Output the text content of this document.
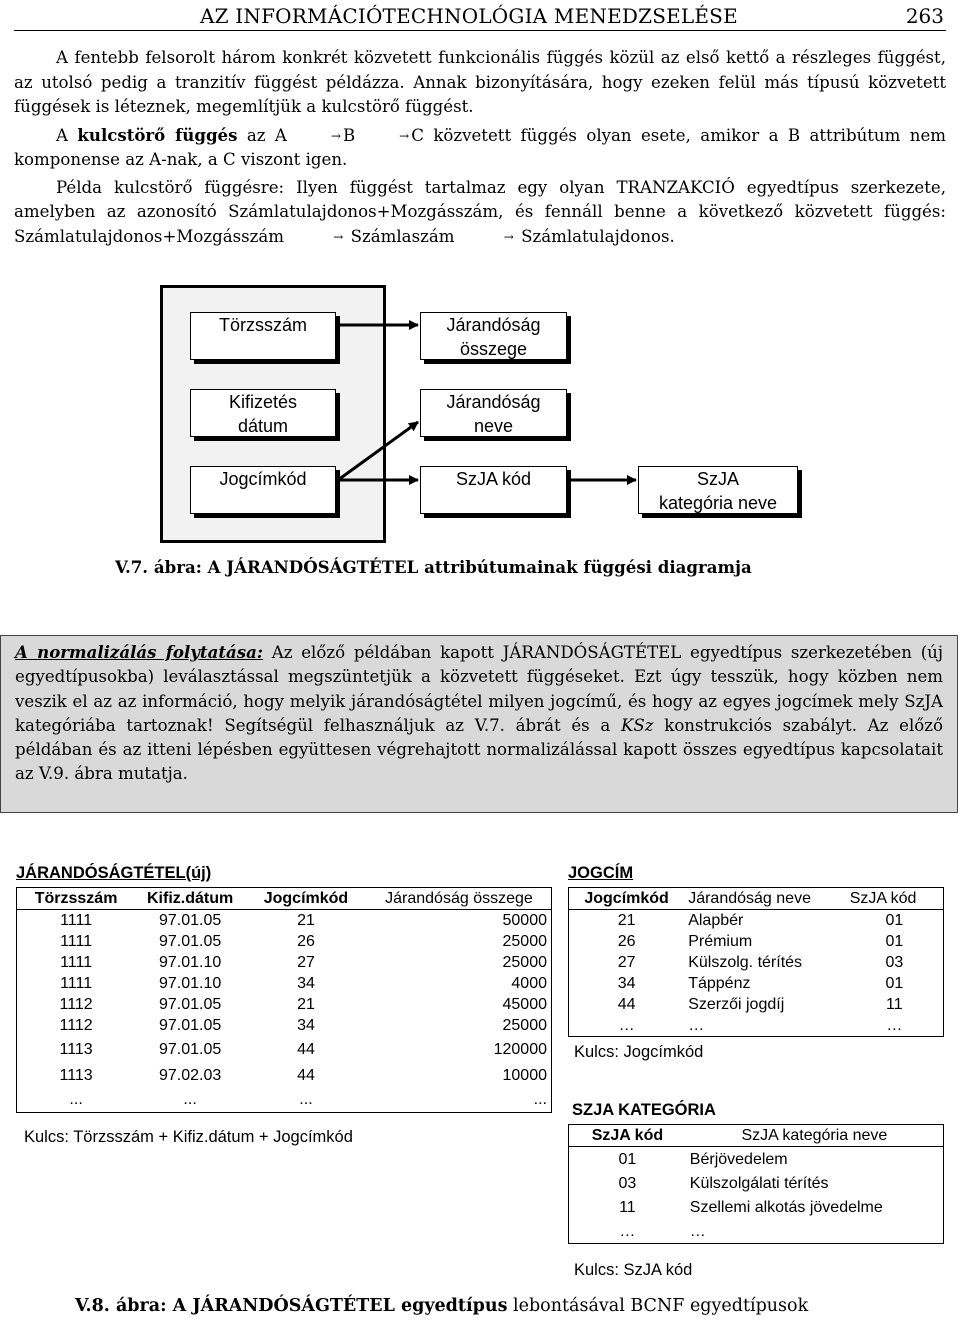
AZ INFORMÁCIÓTECHNOLÓGIA MENEDZSELÉSE	263

A fentebb felsorolt három konkrét közvetett funkcionális függés közül az első kettő a részleges függést, az utolsó pedig a tranzitív függést példázza. Annak bizonyítására, hogy ezeken felül más típusú közvetett függések is léteznek, megemlítjük a kulcstörő függést.

A kulcstörő függés az A	→ B	→ C közvetett függés olyan esete, amikor a B attribútum nem komponense az A-nak, a C viszont igen.

Példa kulcstörő függésre: Ilyen függést tartalmaz egy olyan TRANZAKCIÓ egyedtípus szerkezete, amelyben az azonosító Számlatulajdonos+Mozgásszám, és fennáll benne a következő közvetett függés: Számlatulajdonos+Mozgásszám	→ Számlaszám	→ Számlatulajdonos.

Törzsszám
Kifizetés
dátum
Jogcímkód
Járandóság
összege
Járandóság
neve
SzJA kód	SzJA
kategória neve
V.7. ábra: A JÁRANDÓSÁGTÉTEL attribútumainak függési diagramja

A normalizálás folytatása: Az előző példában kapott JÁRANDÓSÁGTÉTEL egyedtípus szerkezetében (új egyedtípusokba) leválasztással megszüntetjük a közvetett függéseket. Ezt úgy tesszük, hogy közben nem veszik el az az információ, hogy melyik járandóságtétel milyen jogcímű, és hogy az egyes jogcímek mely SzJA kategóriába tartoznak! Segítségül felhasználjuk az V.7. ábrát és a KSz konstrukciós szabályt. Az előző példában és az itteni lépésben együttesen végrehajtott normalizálással kapott összes egyedtípus kapcsolatait az V.9. ábra mutatja.

JÁRANDÓSÁGTÉTEL(új)
Törzsszám	Kifiz.dátum	Jogcímkód	Járandóság összege
1111	97.01.05	21	50000
1111	97.01.05	26	25000
1111	97.01.10	27	25000
1111	97.01.10	34	4000
1112	97.01.05	21	45000
1112	97.01.05	34	25000
1113	97.01.05	44	120000
1113	97.02.03	44	10000
...	...	...	...
Kulcs: Törzsszám + Kifiz.dátum + Jogcímkód
JOGCÍM
Jogcímkód	Járandóság neve	SzJA kód
21	Alapbér	01
26	Prémium	01
27	Külszolg. térítés	03
34	Táppénz	01
44	Szerzői jogdíj	11
…	…	…
Kulcs: Jogcímkód
SZJA KATEGÓRIA
SzJA kód	SzJA kategória neve
01	Bérjövedelem
03	Külszolgálati térítés
11	Szellemi alkotás jövedelme
…	…
Kulcs: SzJA kód
V.8. ábra: A JÁRANDÓSÁGTÉTEL egyedtípus lebontásával BCNF egyedtípusok
